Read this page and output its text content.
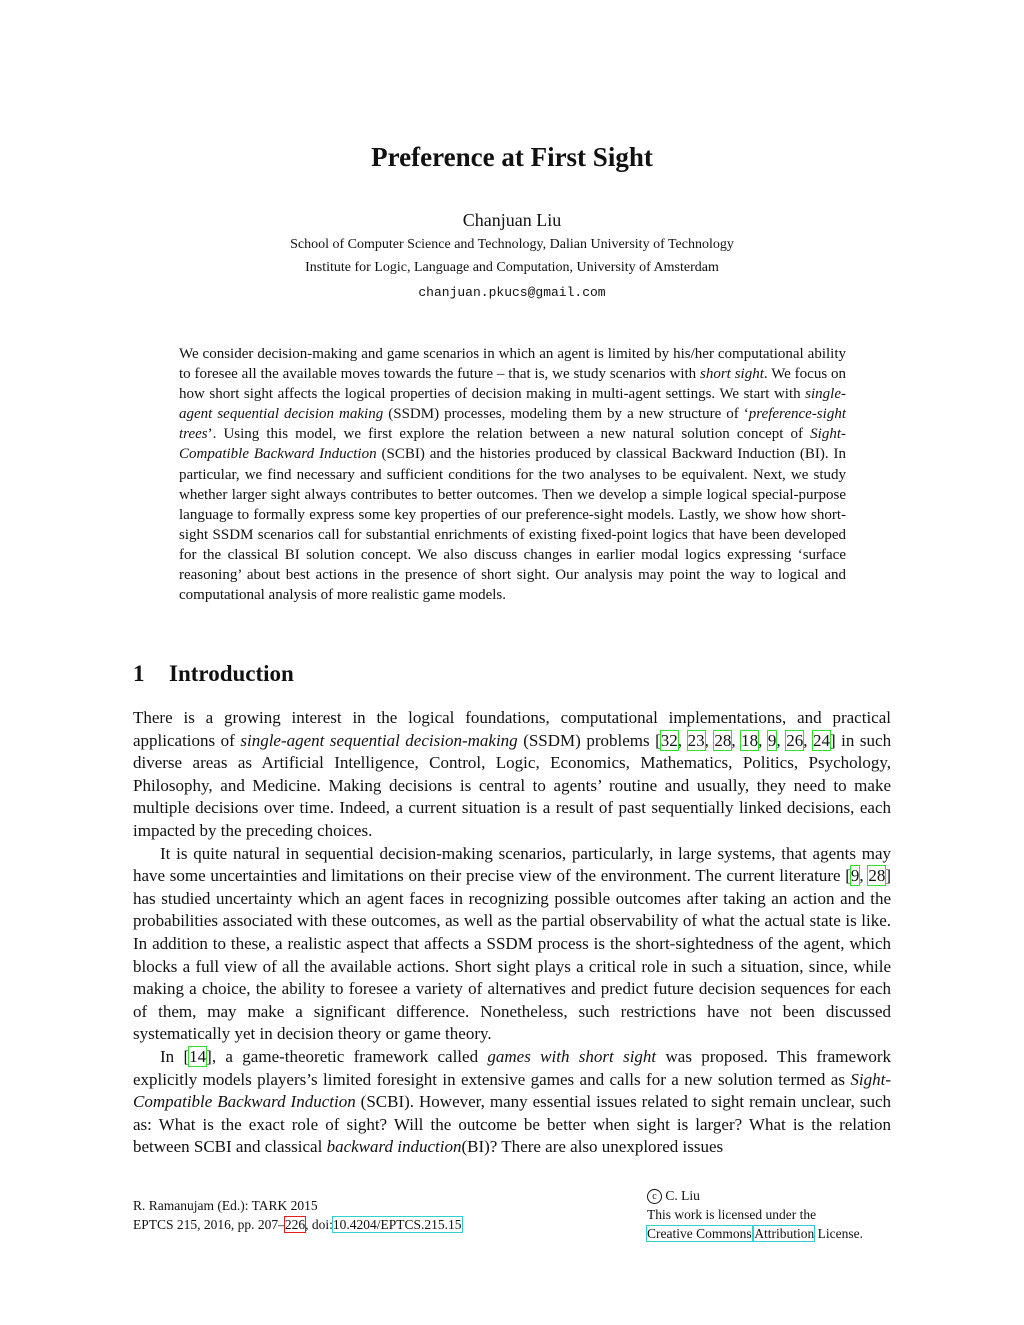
Preference at First Sight
Chanjuan Liu
School of Computer Science and Technology, Dalian University of Technology
Institute for Logic, Language and Computation, University of Amsterdam
chanjuan.pkucs@gmail.com

We consider decision-making and game scenarios in which an agent is limited by his/her computational ability to foresee all the available moves towards the future – that is, we study scenarios with short sight. We focus on how short sight affects the logical properties of decision making in multi-agent settings. We start with single-agent sequential decision making (SSDM) processes, modeling them by a new structure of ‘preference-sight trees’. Using this model, we first explore the relation between a new natural solution concept of Sight-Compatible Backward Induction (SCBI) and the histories produced by classical Backward Induction (BI). In particular, we find necessary and sufficient conditions for the two analyses to be equivalent. Next, we study whether larger sight always contributes to better outcomes. Then we develop a simple logical special-purpose language to formally express some key properties of our preference-sight models. Lastly, we show how short-sight SSDM scenarios call for substantial enrichments of existing fixed-point logics that have been developed for the classical BI solution concept. We also discuss changes in earlier modal logics expressing ‘surface reasoning’ about best actions in the presence of short sight. Our analysis may point the way to logical and computational analysis of more realistic game models.

1 Introduction

There is a growing interest in the logical foundations, computational implementations, and practical applications of single-agent sequential decision-making (SSDM) problems [32, 23, 28, 18, 9, 26, 24] in such diverse areas as Artificial Intelligence, Control, Logic, Economics, Mathematics, Politics, Psychology, Philosophy, and Medicine. Making decisions is central to agents’ routine and usually, they need to make multiple decisions over time. Indeed, a current situation is a result of past sequentially linked decisions, each impacted by the preceding choices.

It is quite natural in sequential decision-making scenarios, particularly, in large systems, that agents may have some uncertainties and limitations on their precise view of the environment. The current literature [9, 28] has studied uncertainty which an agent faces in recognizing possible outcomes after taking an action and the probabilities associated with these outcomes, as well as the partial observability of what the actual state is like. In addition to these, a realistic aspect that affects a SSDM process is the short-sightedness of the agent, which blocks a full view of all the available actions. Short sight plays a critical role in such a situation, since, while making a choice, the ability to foresee a variety of alternatives and predict future decision sequences for each of them, may make a significant difference. Nonetheless, such restrictions have not been discussed systematically yet in decision theory or game theory.

In [14], a game-theoretic framework called games with short sight was proposed. This framework explicitly models players’s limited foresight in extensive games and calls for a new solution termed as Sight-Compatible Backward Induction (SCBI). However, many essential issues related to sight remain unclear, such as: What is the exact role of sight? Will the outcome be better when sight is larger? What is the relation between SCBI and classical backward induction(BI)? There are also unexplored issues

R. Ramanujam (Ed.): TARK 2015
EPTCS 215, 2016, pp. 207–226, doi:10.4204/EPTCS.215.15
c C. Liu
This work is licensed under the
Creative Commons Attribution License.
